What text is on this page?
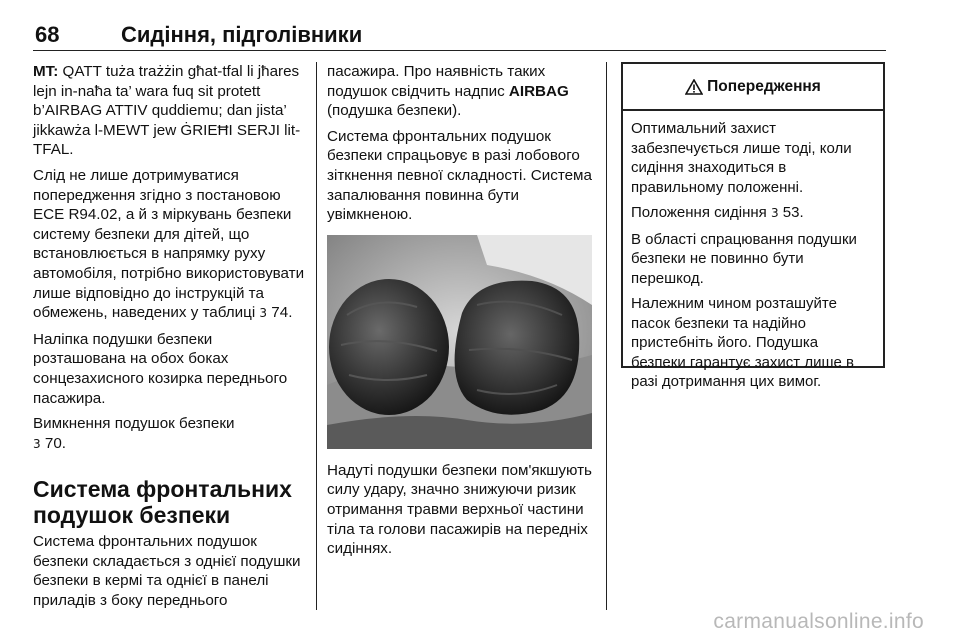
68	Сидіння, підголівники

MT: QATT tuża trażżin għat-tfal li jħares lejn in-naħa ta’ wara fuq sit protett b’AIRBAG ATTIV quddiemu; dan jista’ jikkawża l-MEWT jew ĠRIEĦI SERJI lit-TFAL.

Слід не лише дотримуватися попередження згідно з постановою ECE R94.02, а й з міркувань безпеки систему безпеки для дітей, що встановлюється в напрямку руху автомобіля, потрібно використовувати лише відповідно до інструкцій та обмежень, наведених у таблиці 3 74.

Наліпка подушки безпеки розташована на обох боках сонцезахисного козирка переднього пасажира.

Вимкнення подушок безпеки
3 70.

Система фронтальних подушок безпеки

Система фронтальних подушок безпеки складається з однієї подушки безпеки в кермі та однієї в панелі приладів з боку переднього

пасажира. Про наявність таких подушок свідчить надпис AIRBAG (подушка безпеки).

Система фронтальних подушок безпеки спрацьовує в разі лобового зіткнення певної складності. Система запалювання повинна бути увімкненою.

Надуті подушки безпеки пом'якшують силу удару, значно знижуючи ризик отримання травми верхньої частини тіла та голови пасажирів на передніх сидіннях.

Попередження

Оптимальний захист забезпечується лише тоді, коли сидіння знаходиться в правильному положенні.

Положення сидіння 3 53.

В області спрацювання подушки безпеки не повинно бути перешкод.

Належним чином розташуйте пасок безпеки та надійно пристебніть його. Подушка безпеки гарантує захист лише в разі дотримання цих вимог.

carmanualsonline.info
